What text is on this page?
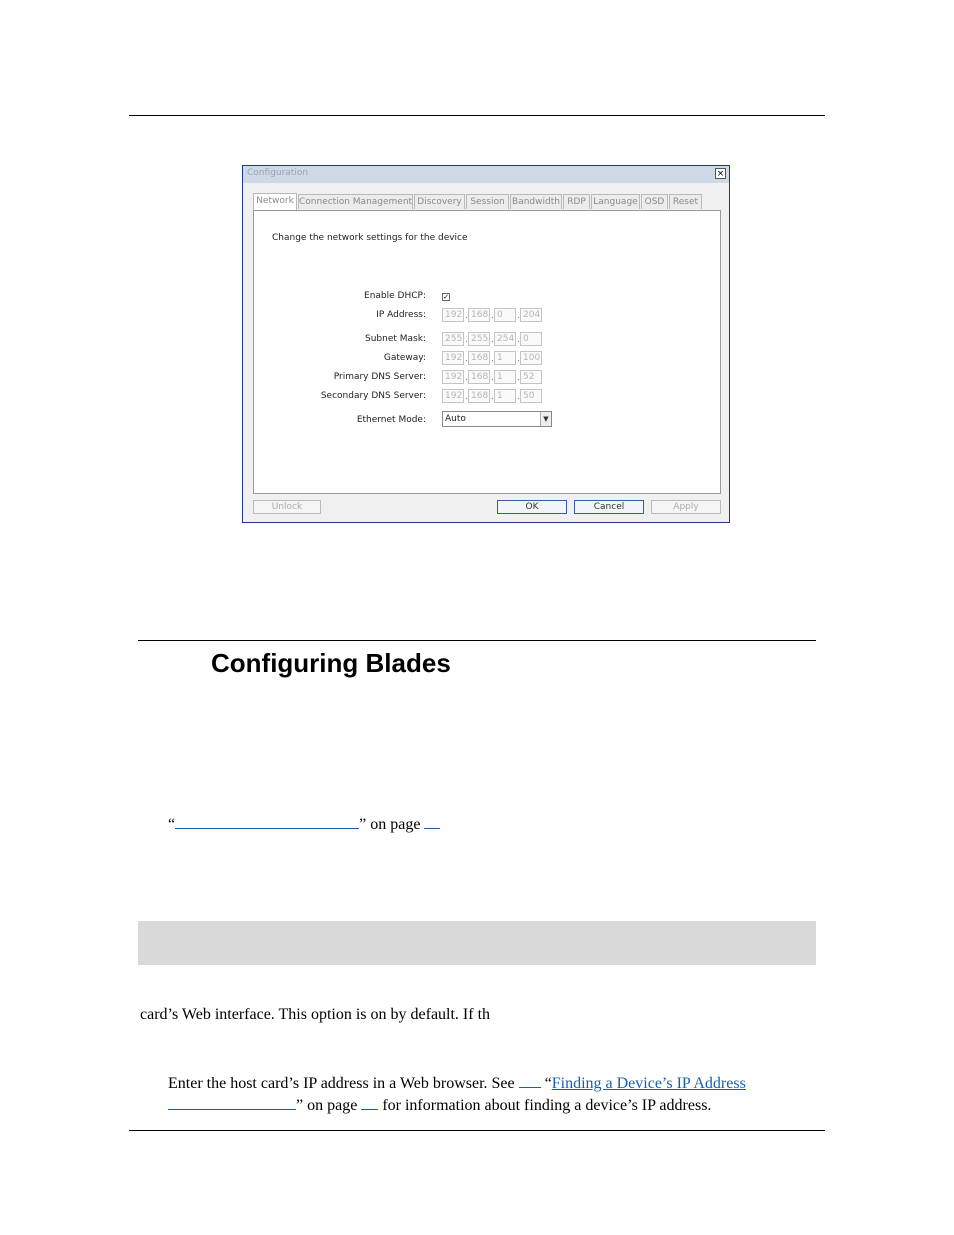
Configuration	×
Network Connection Management Discovery Session Bandwidth RDP Language OSD Reset
Change the network settings for the device
Enable DHCP: ✓
IP Address:	192 . 168 . 0	. 204
Subnet Mask:	255 . 255 . 254 . 0
Gateway:	192 . 168 . 1	. 100
Primary DNS Server:	192 . 168 . 1	. 52
Secondary DNS Server:	192 . 168 . 1	. 50
Ethernet Mode:	Auto	▼
Unlock	OK	Cancel	Apply
Configuring Blades
“	” on page
card’s Web interface. This option is on by default. If th
Enter the host card’s IP address in a Web browser. See “Finding a Device’s IP Address
” on page for information about finding a device’s IP address.
